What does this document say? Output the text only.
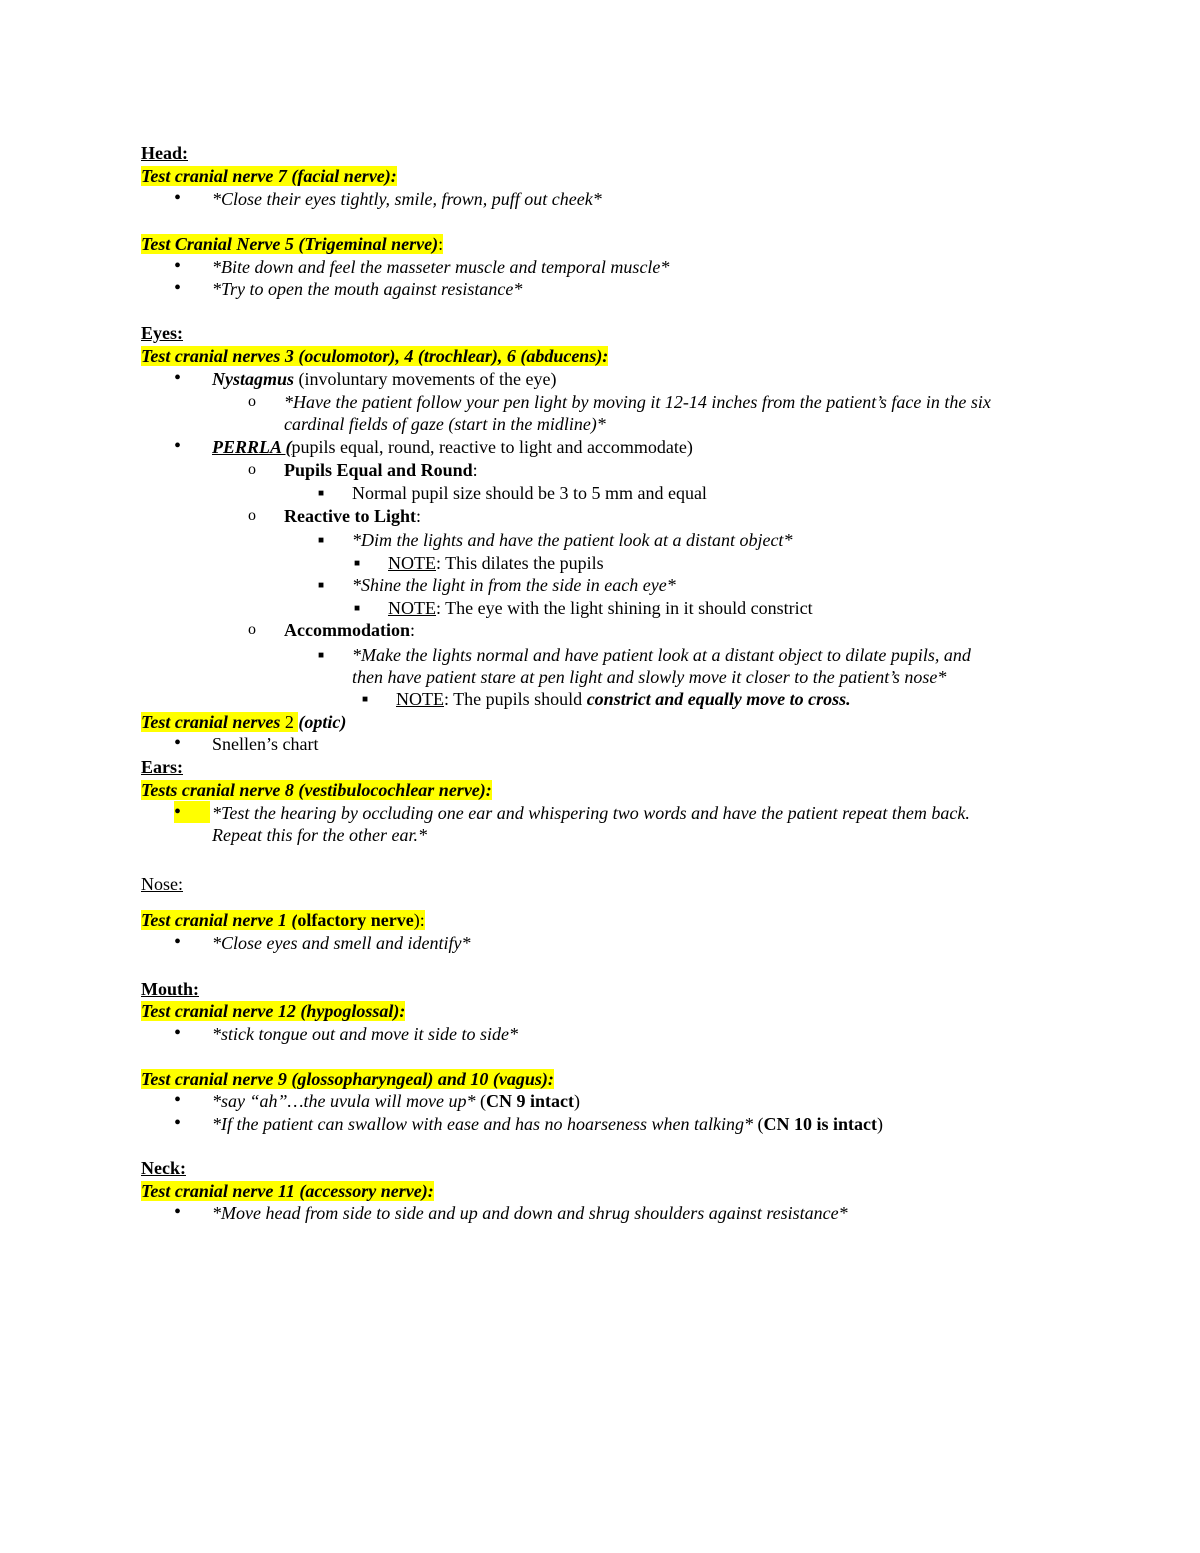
Head:
Test cranial nerve 7 (facial nerve):
• *Close their eyes tightly, smile, frown, puff out cheek*
Test Cranial Nerve 5 (Trigeminal nerve):
• *Bite down and feel the masseter muscle and temporal muscle*
• *Try to open the mouth against resistance*
Eyes:
Test cranial nerves 3 (oculomotor), 4 (trochlear), 6 (abducens):
• Nystagmus (involuntary movements of the eye)
o *Have the patient follow your pen light by moving it 12-14 inches from the patient’s face in the six
cardinal fields of gaze (start in the midline)*
• PERRLA (pupils equal, round, reactive to light and accommodate)
o Pupils Equal and Round:
■ Normal pupil size should be 3 to 5 mm and equal
o Reactive to Light:
■ *Dim the lights and have the patient look at a distant object*
■ NOTE: This dilates the pupils
■ *Shine the light in from the side in each eye*
■ NOTE: The eye with the light shining in it should constrict
o Accommodation:
■ *Make the lights normal and have patient look at a distant object to dilate pupils, and
then have patient stare at pen light and slowly move it closer to the patient’s nose*
■ NOTE: The pupils should constrict and equally move to cross.
Test cranial nerves 2 (optic)
• Snellen’s chart
Ears:
Tests cranial nerve 8 (vestibulocochlear nerve):
•	*Test the hearing by occluding one ear and whispering two words and have the patient repeat them back.
Repeat this for the other ear.*
Nose:
Test cranial nerve 1 (olfactory nerve):
• *Close eyes and smell and identify*
Mouth:
Test cranial nerve 12 (hypoglossal):
• *stick tongue out and move it side to side*
Test cranial nerve 9 (glossopharyngeal) and 10 (vagus):
• *say “ah”…the uvula will move up* (CN 9 intact)
• *If the patient can swallow with ease and has no hoarseness when talking* (CN 10 is intact)
Neck:
Test cranial nerve 11 (accessory nerve):
• *Move head from side to side and up and down and shrug shoulders against resistance*
